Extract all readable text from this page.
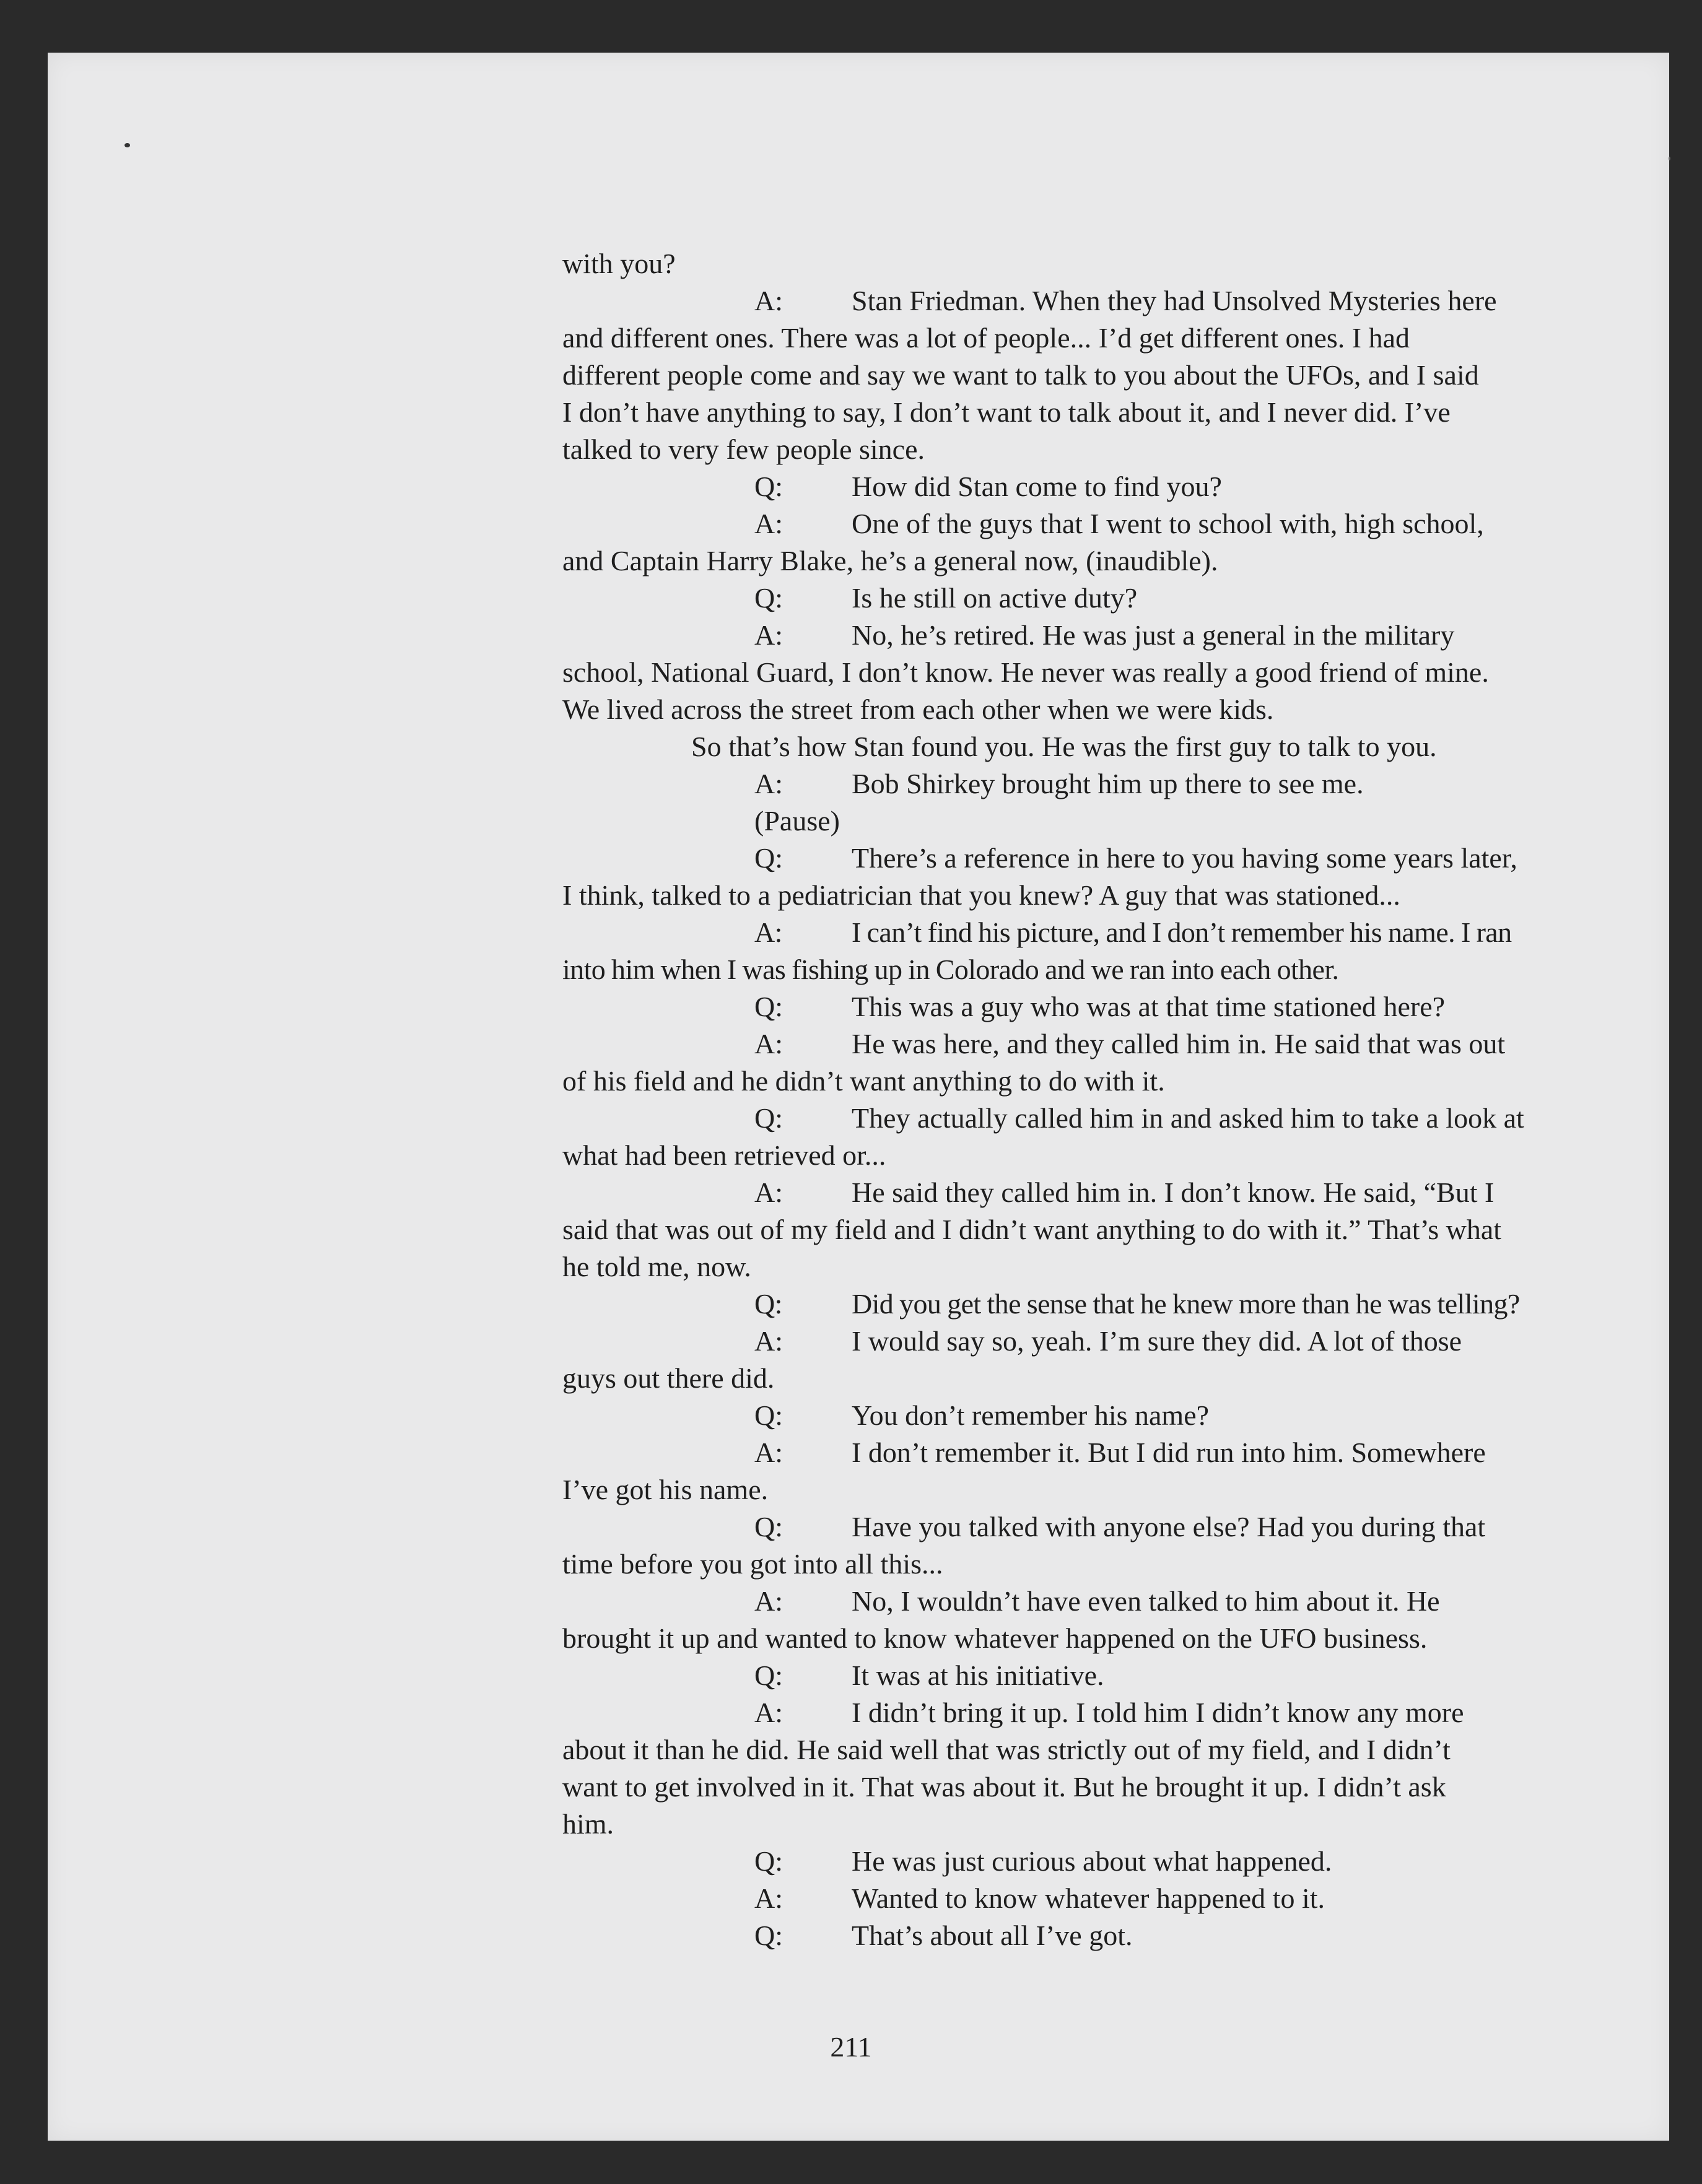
with you?
A: Stan Friedman. When they had Unsolved Mysteries here
and different ones. There was a lot of people... I’d get different ones. I had
different people come and say we want to talk to you about the UFOs, and I said
I don’t have anything to say, I don’t want to talk about it, and I never did. I’ve
talked to very few people since.
Q: How did Stan come to find you?
A: One of the guys that I went to school with, high school,
and Captain Harry Blake, he’s a general now, (inaudible).
Q: Is he still on active duty?
A: No, he’s retired. He was just a general in the military
school, National Guard, I don’t know. He never was really a good friend of mine.
We lived across the street from each other when we were kids.
So that’s how Stan found you. He was the first guy to talk to you.
A: Bob Shirkey brought him up there to see me.
(Pause)
Q: There’s a reference in here to you having some years later,
I think, talked to a pediatrician that you knew? A guy that was stationed...
A: I can’t find his picture, and I don’t remember his name. I ran
into him when I was fishing up in Colorado and we ran into each other.
Q: This was a guy who was at that time stationed here?
A: He was here, and they called him in. He said that was out
of his field and he didn’t want anything to do with it.
Q: They actually called him in and asked him to take a look at
what had been retrieved or...
A: He said they called him in. I don’t know. He said, “But I
said that was out of my field and I didn’t want anything to do with it.” That’s what
he told me, now.
Q: Did you get the sense that he knew more than he was telling?
A: I would say so, yeah. I’m sure they did. A lot of those
guys out there did.
Q: You don’t remember his name?
A: I don’t remember it. But I did run into him. Somewhere
I’ve got his name.
Q: Have you talked with anyone else? Had you during that
time before you got into all this...
A: No, I wouldn’t have even talked to him about it. He
brought it up and wanted to know whatever happened on the UFO business.
Q: It was at his initiative.
A: I didn’t bring it up. I told him I didn’t know any more
about it than he did. He said well that was strictly out of my field, and I didn’t
want to get involved in it. That was about it. But he brought it up. I didn’t ask
him.
Q: He was just curious about what happened.
A: Wanted to know whatever happened to it.
Q: That’s about all I’ve got.
211
